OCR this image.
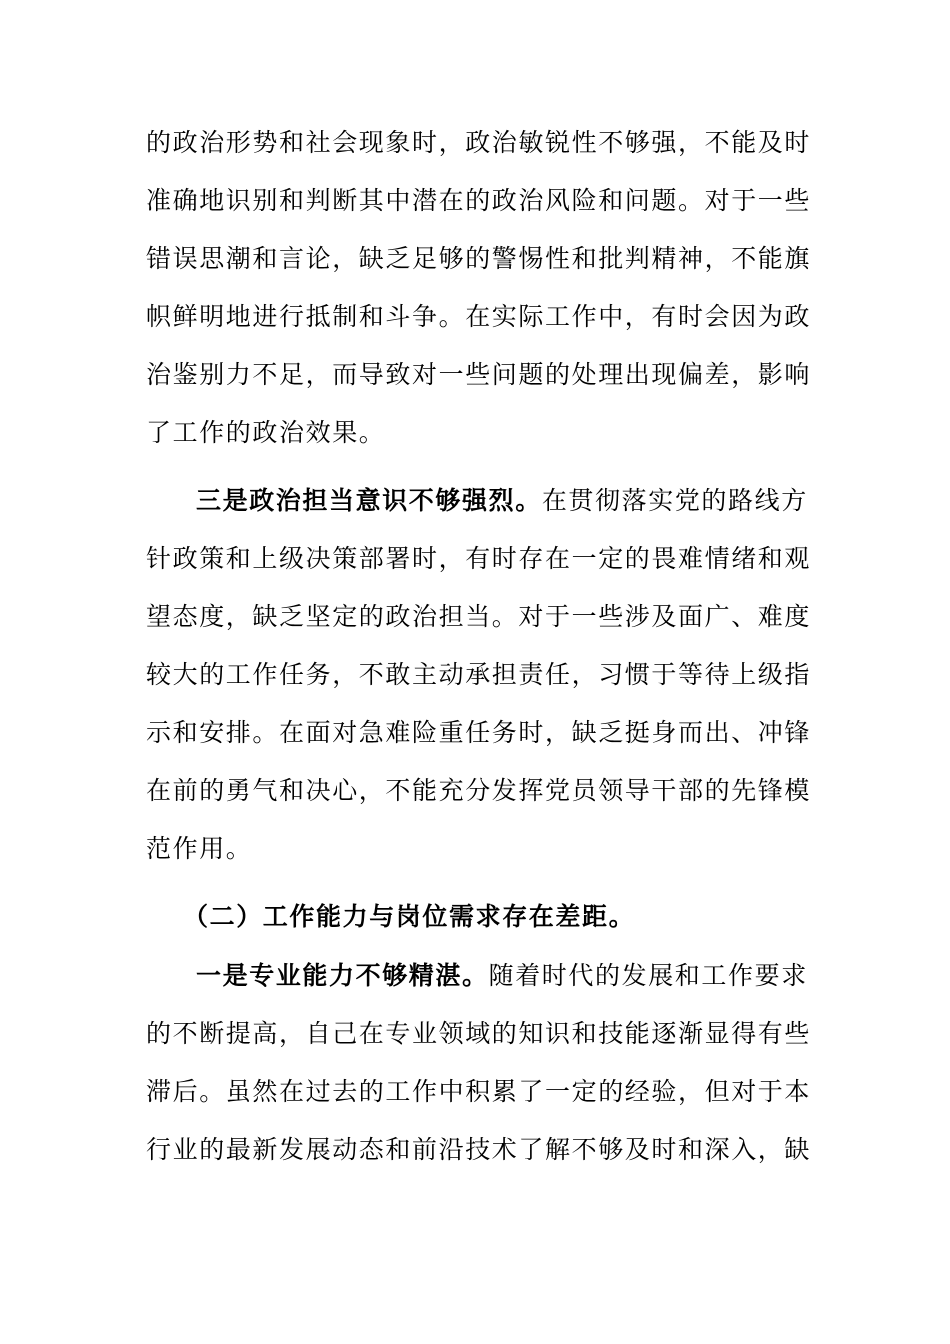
的政治形势和社会现象时，政治敏锐性不够强，不能及时
准确地识别和判断其中潜在的政治风险和问题。对于一些
错误思潮和言论，缺乏足够的警惕性和批判精神，不能旗
帜鲜明地进行抵制和斗争。在实际工作中，有时会因为政
治鉴别力不足，而导致对一些问题的处理出现偏差，影响
了工作的政治效果。
三是政治担当意识不够强烈。在贯彻落实党的路线方
针政策和上级决策部署时，有时存在一定的畏难情绪和观
望态度，缺乏坚定的政治担当。对于一些涉及面广、难度
较大的工作任务，不敢主动承担责任，习惯于等待上级指
示和安排。在面对急难险重任务时，缺乏挺身而出、冲锋
在前的勇气和决心，不能充分发挥党员领导干部的先锋模
范作用。
（二）工作能力与岗位需求存在差距。
一是专业能力不够精湛。随着时代的发展和工作要求
的不断提高，自己在专业领域的知识和技能逐渐显得有些
滞后。虽然在过去的工作中积累了一定的经验，但对于本
行业的最新发展动态和前沿技术了解不够及时和深入，缺
